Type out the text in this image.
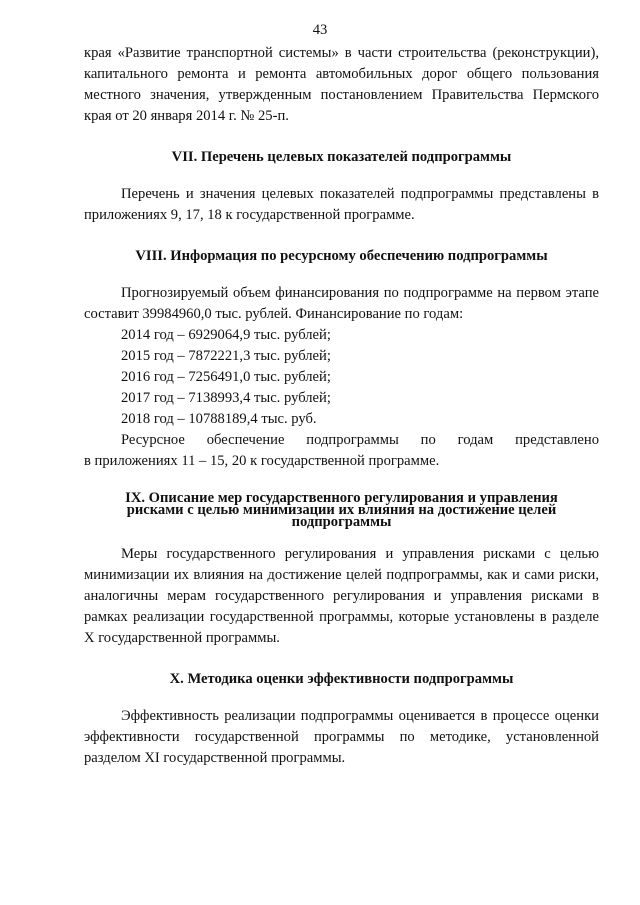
43

края «Развитие транспортной системы» в части строительства (реконструкции), капитального ремонта и ремонта автомобильных дорог общего пользования местного значения, утвержденным постановлением Правительства Пермского края от 20 января 2014 г. № 25-п.

VII. Перечень целевых показателей подпрограммы

Перечень и значения целевых показателей подпрограммы представлены в приложениях 9, 17, 18 к государственной программе.

VIII. Информация по ресурсному обеспечению подпрограммы

Прогнозируемый объем финансирования по подпрограмме на первом этапе составит 39984960,0 тыс. рублей. Финансирование по годам:

2014 год – 6929064,9 тыс. рублей;
2015 год – 7872221,3 тыс. рублей;
2016 год – 7256491,0 тыс. рублей;
2017 год – 7138993,4 тыс. рублей;
2018 год – 10788189,4 тыс. руб.

Ресурсное обеспечение подпрограммы по годам представлено

в приложениях 11 – 15, 20 к государственной программе.

IX. Описание мер государственного регулирования и управления
рисками с целью минимизации их влияния на достижение целей
подпрограммы

Меры государственного регулирования и управления рисками с целью минимизации их влияния на достижение целей подпрограммы, как и сами риски, аналогичны мерам государственного регулирования и управления рисками в рамках реализации государственной программы, которые установлены в разделе X государственной программы.

X. Методика оценки эффективности подпрограммы

Эффективность реализации подпрограммы оценивается в процессе оценки эффективности государственной программы по методике, установленной разделом XI государственной программы.
